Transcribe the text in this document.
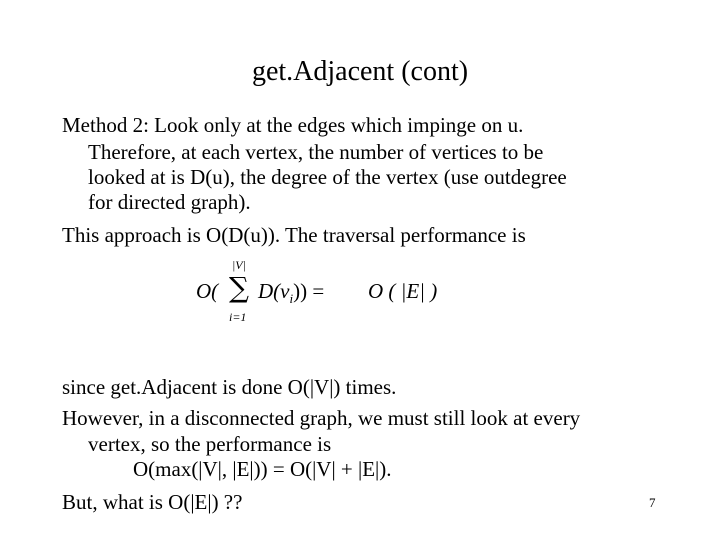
get.Adjacent (cont)
Method 2: Look only at the edges which impinge on u.
Therefore, at each vertex, the number of vertices to be
looked at is D(u), the degree of the vertex (use outdegree
for directed graph).
This approach is O(D(u)). The traversal performance is
|V|
O( ∑ $D(v_i)$) =
i=1
O ( |E| )
since get.Adjacent is done O(|V|) times.
However, in a disconnected graph, we must still look at every
vertex, so the performance is
O(max(|V|, |E|)) = O(|V| + |E|).
But, what is O(|E|) ??	7
